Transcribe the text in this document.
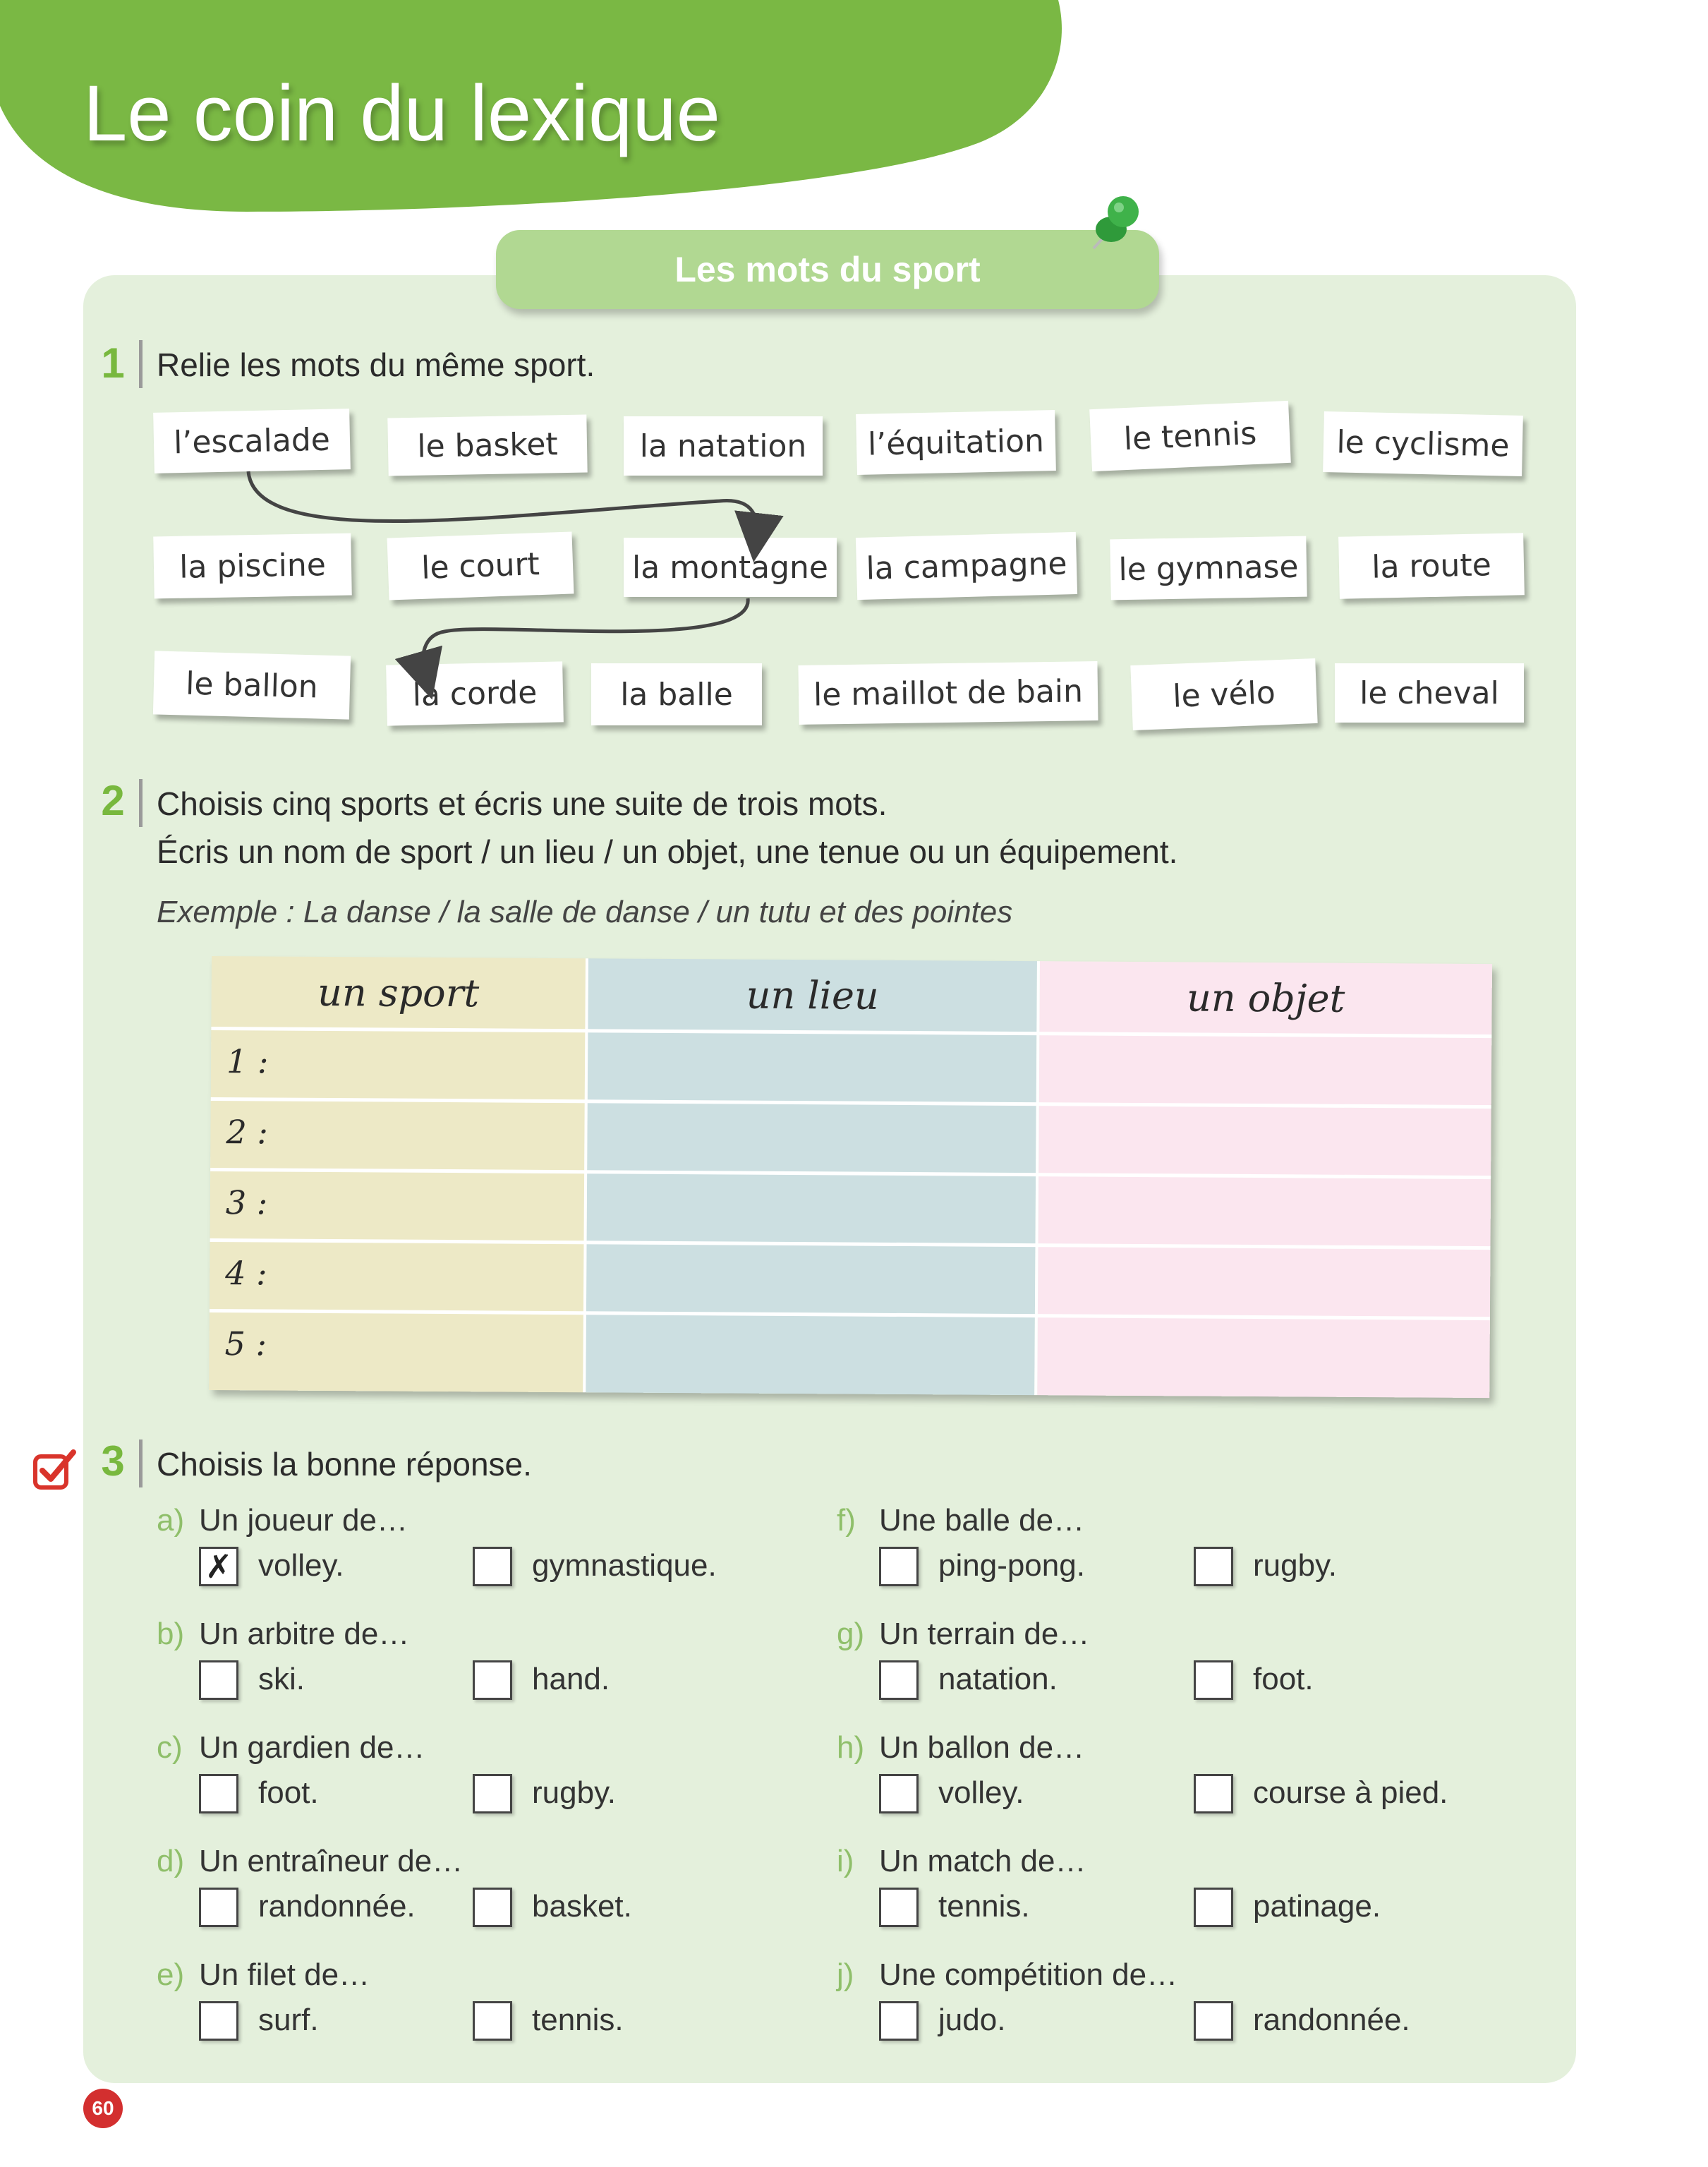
Le coin du lexique
Les mots du sport
1 Relie les mots du même sport.
l’escalade	le basket	la natation	l’équitation	le tennis	le cyclisme
la piscine	le court	la montagne	la campagne	le gymnase	la route
le ballon	la corde	la balle	le maillot de bain	le vélo	le cheval
2 Choisis cinq sports et écris une suite de trois mots.
Écris un nom de sport / un lieu / un objet, une tenue ou un équipement.
Exemple : La danse / la salle de danse / un tutu et des pointes
un sport	un lieu	un objet
1 :
2 :
3 :
4 :
5 :
3 Choisis la bonne réponse.
a) Un joueur de…
✗ volley.	gymnastique.
b) Un arbitre de…
ski.	hand.
c) Un gardien de…
foot.	rugby.
d) Un entraîneur de…
randonnée.	basket.
e) Un filet de…
surf.	tennis.
f) Une balle de…
ping-pong.	rugby.
g) Un terrain de…
natation.	foot.
h) Un ballon de…
volley.	course à pied.
i) Un match de…
tennis.	patinage.
j) Une compétition de…
judo.	randonnée.
60
